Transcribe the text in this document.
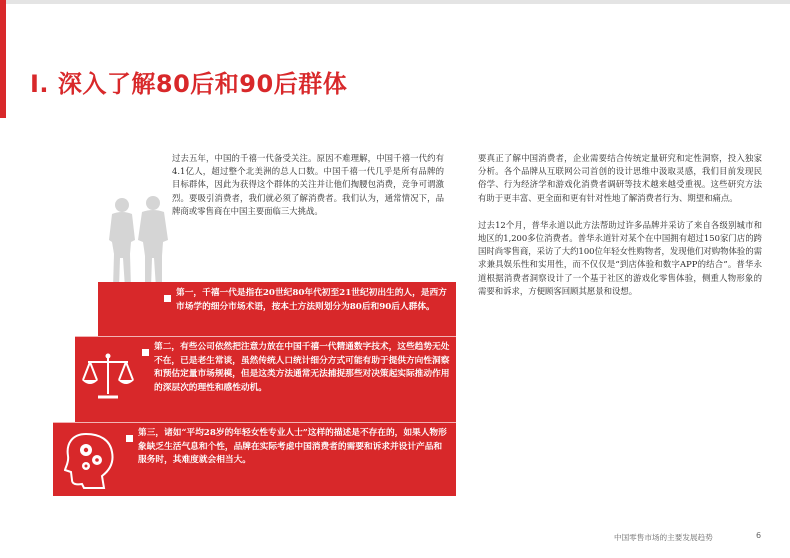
I. 深入了解80后和90后群体

过去五年，中国的千禧一代备受关注。原因不难理解，中国千禧一代约有4.1亿人，超过整个北美洲的总人口数。中国千禧一代几乎是所有品牌的目标群体，因此为获得这个群体的关注并让他们掏腰包消费，竞争可谓激烈。要吸引消费者，我们就必须了解消费者。我们认为，通常情况下，品牌商或零售商在中国主要面临三大挑战。

要真正了解中国消费者，企业需要结合传统定量研究和定性洞察，投入独家分析。各个品牌从互联网公司首创的设计思维中汲取灵感，我们目前发现民俗学、行为经济学和游戏化消费者调研等技术越来越受重视。这些研究方法有助于更丰富、更全面和更有针对性地了解消费者行为、期望和痛点。

过去12个月，普华永道以此方法帮助过许多品牌并采访了来自各级别城市和地区的1,200多位消费者。普华永道针对某个在中国拥有超过150家门店的跨国时尚零售商，采访了大约100位年轻女性购物者，发现他们对购物体验的需求兼具娱乐性和实用性，而不仅仅是“到店体验和数字APP的结合”。普华永道根据消费者洞察设计了一个基于社区的游戏化零售体验，侧重人物形象的需要和诉求，方便顾客回顾其愿景和设想。

第一，千禧一代是指在20世纪80年代初至21世纪初出生的人，是西方市场学的细分市场术语，按本土方法则划分为80后和90后人群体。
第二，有些公司依然把注意力放在中国千禧一代精通数字技术，这些趋势无处不在，已是老生常谈，虽然传统人口统计细分方式可能有助于提供方向性洞察和预估定量市场规模，但是这类方法通常无法捕捉那些对决策起实际推动作用的深层次的理性和感性动机。
第三，诸如“平均28岁的年轻女性专业人士”这样的描述是不存在的，如果人物形象缺乏生活气息和个性，品牌在实际考虑中国消费者的需要和诉求并设计产品和服务时，其难度就会相当大。
中国零售市场的主要发展趋势	6
